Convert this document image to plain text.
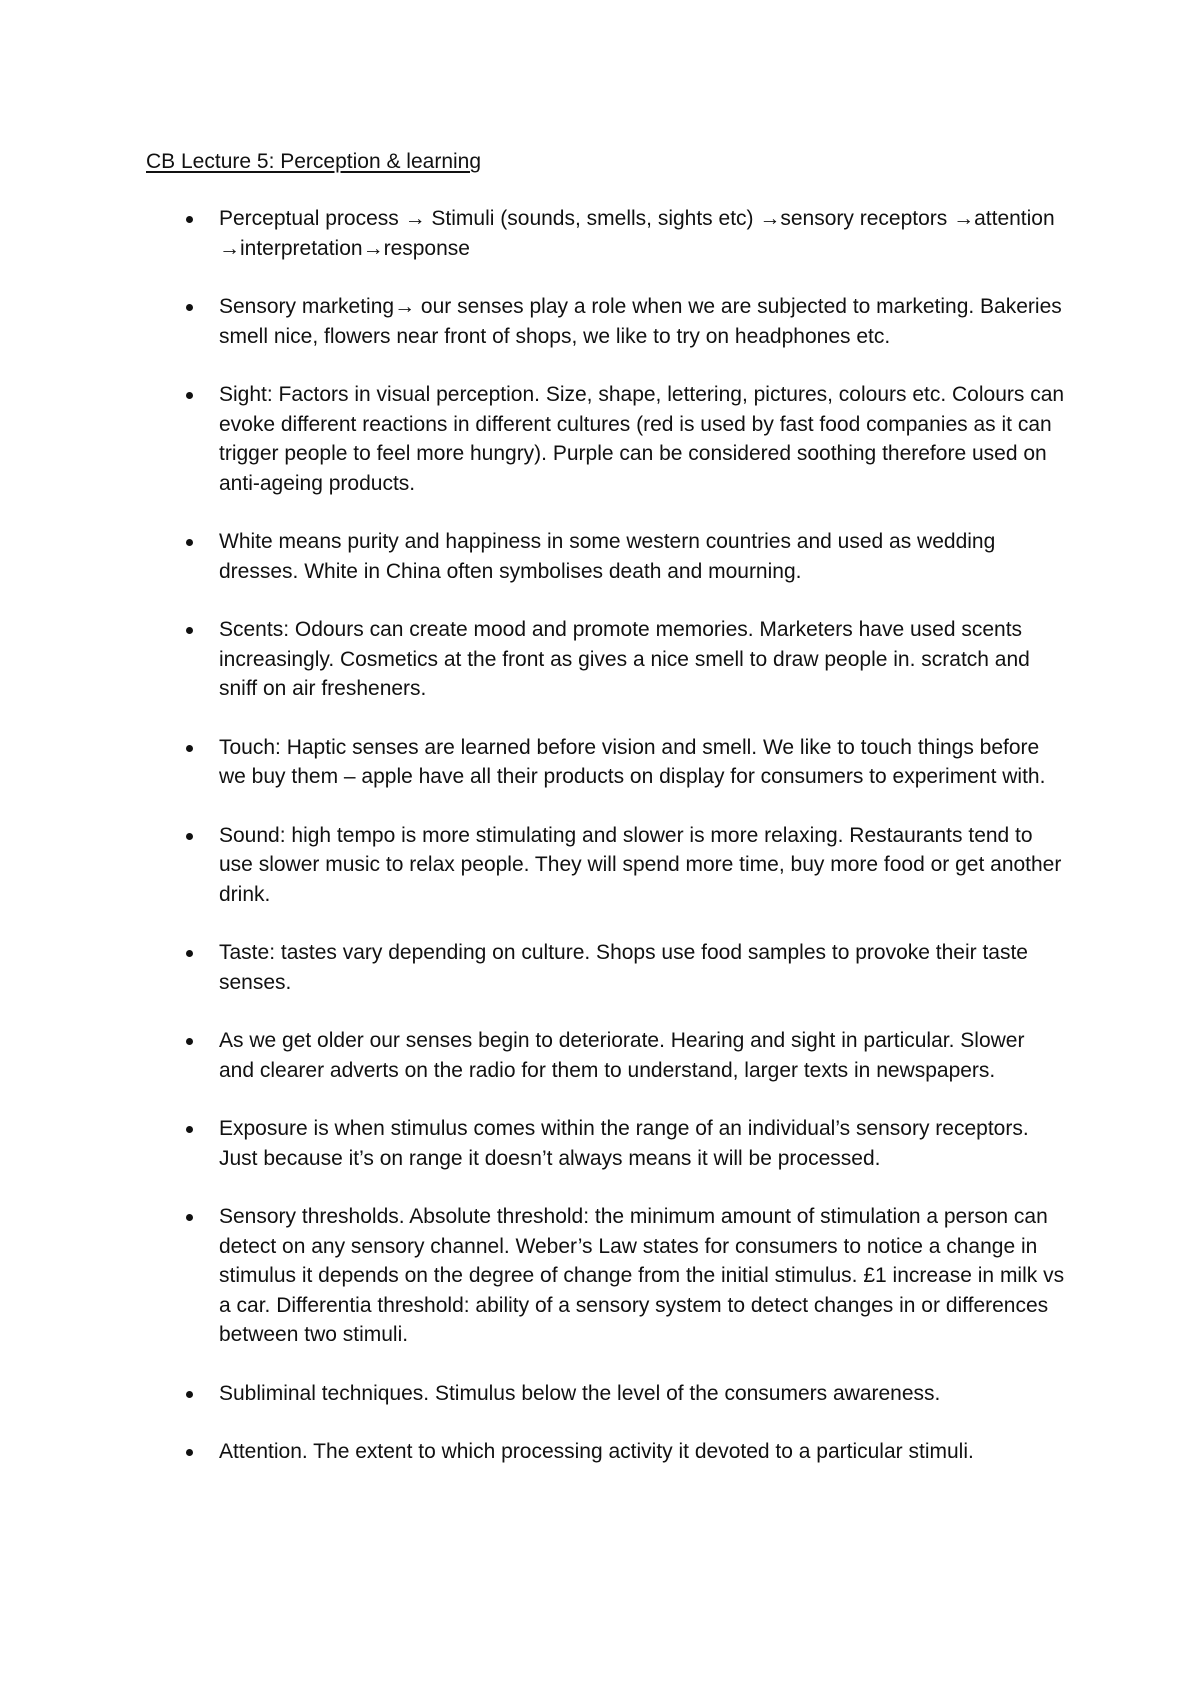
CB Lecture 5: Perception & learning
Perceptual process → Stimuli (sounds, smells, sights etc) →sensory receptors →attention →interpretation→response
Sensory marketing→ our senses play a role when we are subjected to marketing. Bakeries smell nice, flowers near front of shops, we like to try on headphones etc.
Sight: Factors in visual perception. Size, shape, lettering, pictures, colours etc. Colours can evoke different reactions in different cultures (red is used by fast food companies as it can trigger people to feel more hungry). Purple can be considered soothing therefore used on anti-ageing products.
White means purity and happiness in some western countries and used as wedding dresses. White in China often symbolises death and mourning.
Scents: Odours can create mood and promote memories. Marketers have used scents increasingly. Cosmetics at the front as gives a nice smell to draw people in. scratch and sniff on air fresheners.
Touch: Haptic senses are learned before vision and smell. We like to touch things before we buy them – apple have all their products on display for consumers to experiment with.
Sound: high tempo is more stimulating and slower is more relaxing. Restaurants tend to use slower music to relax people. They will spend more time, buy more food or get another drink.
Taste: tastes vary depending on culture. Shops use food samples to provoke their taste senses.
As we get older our senses begin to deteriorate. Hearing and sight in particular. Slower and clearer adverts on the radio for them to understand, larger texts in newspapers.
Exposure is when stimulus comes within the range of an individual’s sensory receptors. Just because it’s on range it doesn’t always means it will be processed.
Sensory thresholds. Absolute threshold: the minimum amount of stimulation a person can detect on any sensory channel. Weber’s Law states for consumers to notice a change in stimulus it depends on the degree of change from the initial stimulus. £1 increase in milk vs a car. Differentia threshold: ability of a sensory system to detect changes in or differences between two stimuli.
Subliminal techniques. Stimulus below the level of the consumers awareness.
Attention. The extent to which processing activity it devoted to a particular stimuli.
